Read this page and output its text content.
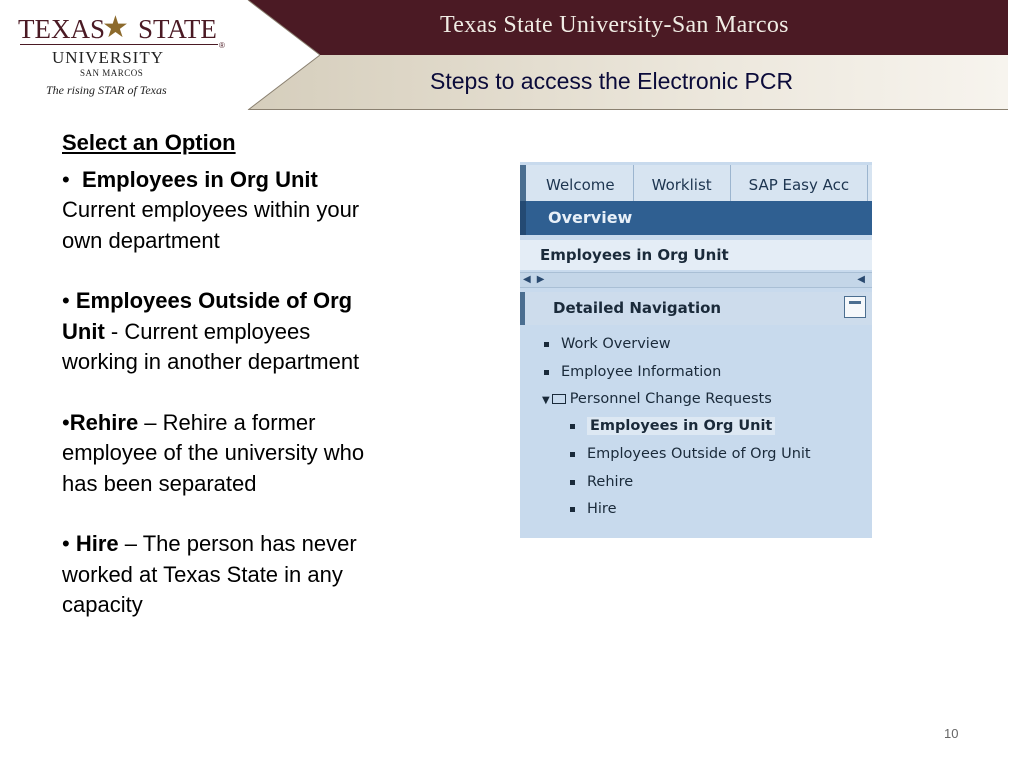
TEXAS
★ STATE
®
UNIVERSITY
SAN MARCOS
The rising STAR of Texas
Texas State University-San Marcos
Steps to access the Electronic PCR
Select an Option
• Employees in Org Unit
Current employees within your own department
• Employees Outside of Org Unit - Current employees working in another department
•Rehire – Rehire a former employee of the university who has been separated
• Hire – The person has never worked at Texas State in any capacity
Welcome	Worklist	SAP Easy Acc
Overview
Employees in Org Unit
◀ ▶	◀
Detailed Navigation
Work Overview
Employee Information
▼ Personnel Change Requests
Employees in Org Unit
Employees Outside of Org Unit
Rehire
Hire
10
